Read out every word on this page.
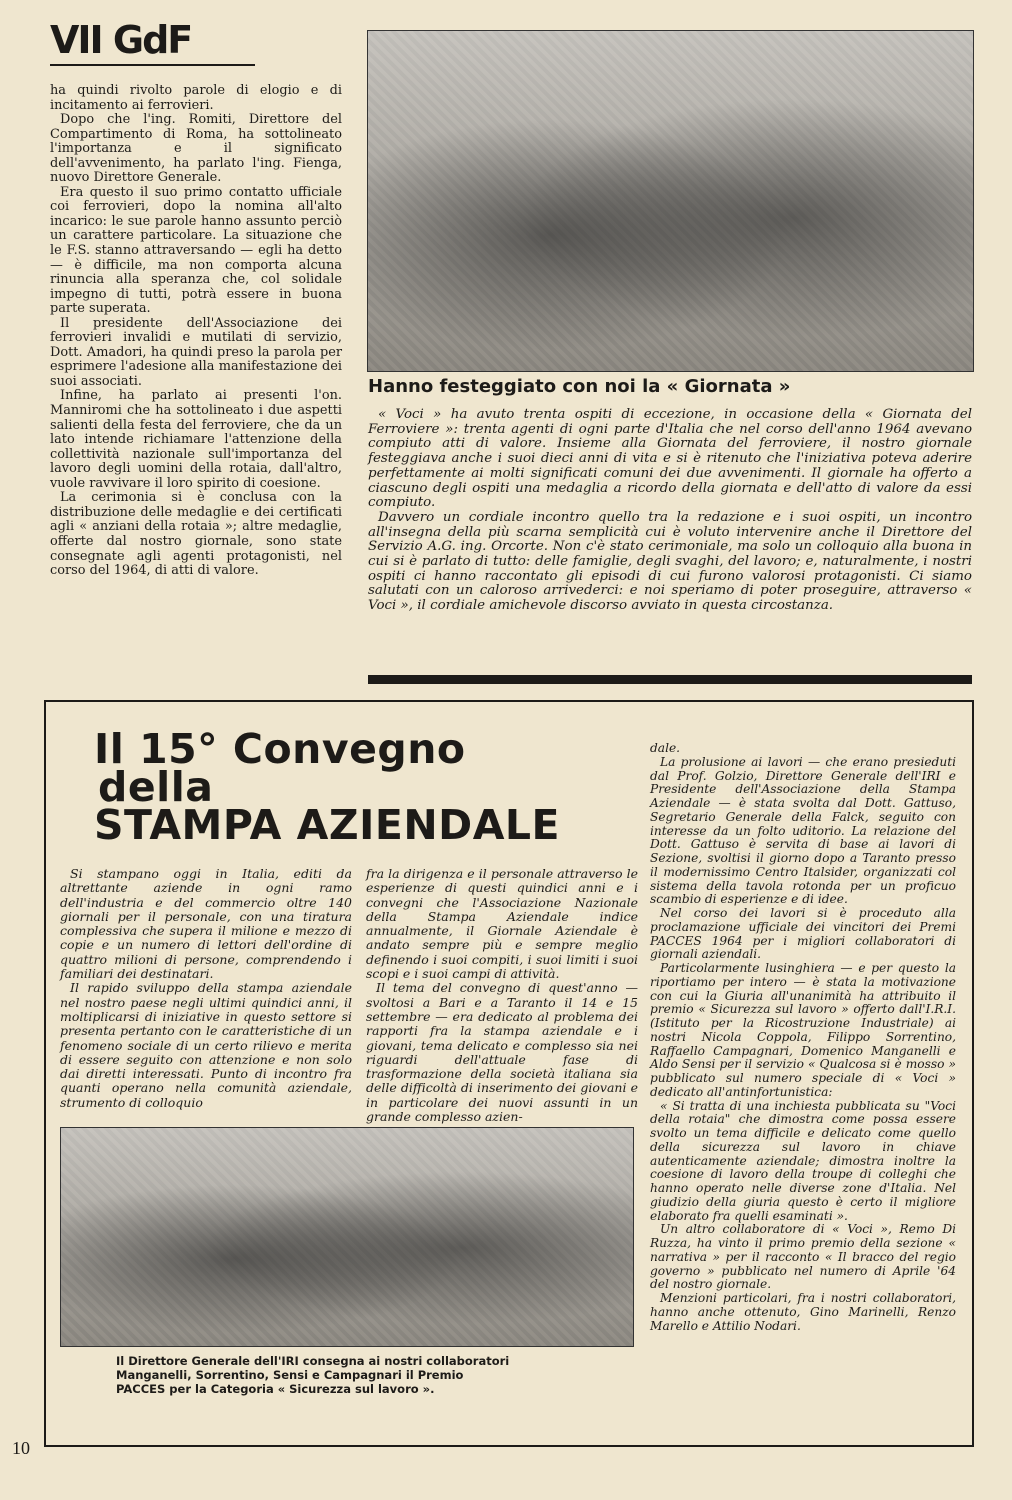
VII GdF

ha quindi rivolto parole di elogio e di incitamento ai ferrovieri.

Dopo che l'ing. Romiti, Direttore del Compartimento di Roma, ha sottolineato l'importanza e il significato dell'avvenimento, ha parlato l'ing. Fienga, nuovo Direttore Generale.

Era questo il suo primo contatto ufficiale coi ferrovieri, dopo la nomina all'alto incarico: le sue parole hanno assunto perciò un carattere particolare. La situazione che le F.S. stanno attraversando — egli ha detto — è difficile, ma non comporta alcuna rinuncia alla speranza che, col solidale impegno di tutti, potrà essere in buona parte superata.

Il presidente dell'Associazione dei ferrovieri invalidi e mutilati di servizio, Dott. Amadori, ha quindi preso la parola per esprimere l'adesione alla manifestazione dei suoi associati.

Infine, ha parlato ai presenti l'on. Manniromi che ha sottolineato i due aspetti salienti della festa del ferroviere, che da un lato intende richiamare l'attenzione della collettività nazionale sull'importanza del lavoro degli uomini della rotaia, dall'altro, vuole ravvivare il loro spirito di coesione.

La cerimonia si è conclusa con la distribuzione delle medaglie e dei certificati agli « anziani della rotaia »; altre medaglie, offerte dal nostro giornale, sono state consegnate agli agenti protagonisti, nel corso del 1964, di atti di valore.

Hanno festeggiato con noi la « Giornata »

« Voci » ha avuto trenta ospiti di eccezione, in occasione della « Giornata del Ferroviere »: trenta agenti di ogni parte d'Italia che nel corso dell'anno 1964 avevano compiuto atti di valore. Insieme alla Giornata del ferroviere, il nostro giornale festeggiava anche i suoi dieci anni di vita e si è ritenuto che l'iniziativa poteva aderire perfettamente ai molti significati comuni dei due avvenimenti. Il giornale ha offerto a ciascuno degli ospiti una medaglia a ricordo della giornata e dell'atto di valore da essi compiuto.

Davvero un cordiale incontro quello tra la redazione e i suoi ospiti, un incontro all'insegna della più scarna semplicità cui è voluto intervenire anche il Direttore del Servizio A.G. ing. Orcorte. Non c'è stato cerimoniale, ma solo un colloquio alla buona in cui si è parlato di tutto: delle famiglie, degli svaghi, del lavoro; e, naturalmente, i nostri ospiti ci hanno raccontato gli episodi di cui furono valorosi protagonisti. Ci siamo salutati con un caloroso arrivederci: e noi speriamo di poter proseguire, attraverso « Voci », il cordiale amichevole discorso avviato in questa circostanza.

Il 15° Convegno
della
STAMPA AZIENDALE

Si stampano oggi in Italia, editi da altrettante aziende in ogni ramo dell'industria e del commercio oltre 140 giornali per il personale, con una tiratura complessiva che supera il milione e mezzo di copie e un numero di lettori dell'ordine di quattro milioni di persone, comprendendo i familiari dei destinatari.

Il rapido sviluppo della stampa aziendale nel nostro paese negli ultimi quindici anni, il moltiplicarsi di iniziative in questo settore si presenta pertanto con le caratteristiche di un fenomeno sociale di un certo rilievo e merita di essere seguito con attenzione e non solo dai diretti interessati. Punto di incontro fra quanti operano nella comunità aziendale, strumento di colloquio

fra la dirigenza e il personale attraverso le esperienze di questi quindici anni e i convegni che l'Associazione Nazionale della Stampa Aziendale indice annualmente, il Giornale Aziendale è andato sempre più e sempre meglio definendo i suoi compiti, i suoi limiti i suoi scopi e i suoi campi di attività.

Il tema del convegno di quest'anno — svoltosi a Bari e a Taranto il 14 e 15 settembre — era dedicato al problema dei rapporti fra la stampa aziendale e i giovani, tema delicato e complesso sia nei riguardi dell'attuale fase di trasformazione della società italiana sia delle difficoltà di inserimento dei giovani e in particolare dei nuovi assunti in un grande complesso azien-

dale.

La prolusione ai lavori — che erano presieduti dal Prof. Golzio, Direttore Generale dell'IRI e Presidente dell'Associazione della Stampa Aziendale — è stata svolta dal Dott. Gattuso, Segretario Generale della Falck, seguito con interesse da un folto uditorio. La relazione del Dott. Gattuso è servita di base ai lavori di Sezione, svoltisi il giorno dopo a Taranto presso il modernissimo Centro Italsider, organizzati col sistema della tavola rotonda per un proficuo scambio di esperienze e di idee.

Nel corso dei lavori si è proceduto alla proclamazione ufficiale dei vincitori dei Premi PACCES 1964 per i migliori collaboratori di giornali aziendali.

Particolarmente lusinghiera — e per questo la riportiamo per intero — è stata la motivazione con cui la Giuria all'unanimità ha attribuito il premio « Sicurezza sul lavoro » offerto dall'I.R.I. (Istituto per la Ricostruzione Industriale) ai nostri Nicola Coppola, Filippo Sorrentino, Raffaello Campagnari, Domenico Manganelli e Aldo Sensi per il servizio « Qualcosa si è mosso » pubblicato sul numero speciale di « Voci » dedicato all'antinfortunistica:

« Si tratta di una inchiesta pubblicata su "Voci della rotaia" che dimostra come possa essere svolto un tema difficile e delicato come quello della sicurezza sul lavoro in chiave autenticamente aziendale; dimostra inoltre la coesione di lavoro della troupe di colleghi che hanno operato nelle diverse zone d'Italia. Nel giudizio della giuria questo è certo il migliore elaborato fra quelli esaminati ».

Un altro collaboratore di « Voci », Remo Di Ruzza, ha vinto il primo premio della sezione « narrativa » per il racconto « Il bracco del regio governo » pubblicato nel numero di Aprile '64 del nostro giornale.

Menzioni particolari, fra i nostri collaboratori, hanno anche ottenuto, Gino Marinelli, Renzo Marello e Attilio Nodari.

Il Direttore Generale dell'IRI consegna ai nostri collaboratori Manganelli, Sorrentino, Sensi e Campagnari il Premio PACCES per la Categoria « Sicurezza sul lavoro ».
10
